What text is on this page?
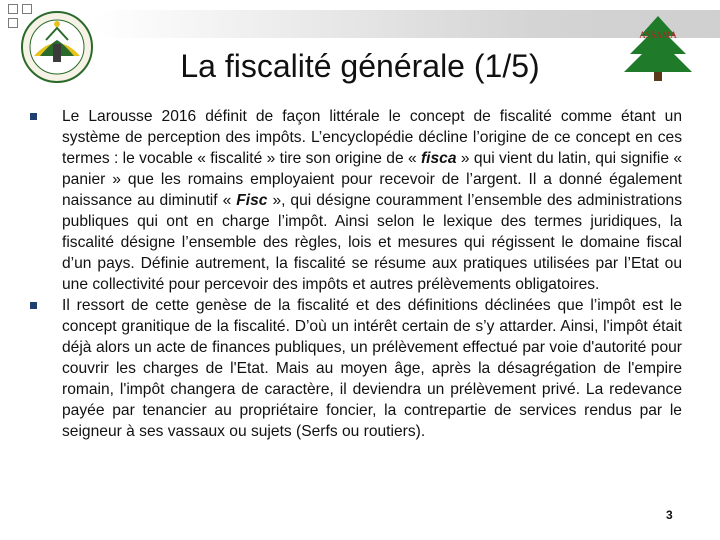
La fiscalité générale (1/5)
ASSAMA
Le Larousse 2016 définit de façon littérale le concept de fiscalité comme étant un système de perception des impôts. L’encyclopédie décline l’origine de ce concept en ces termes : le vocable « fiscalité » tire son origine de « fisca » qui vient du latin, qui signifie « panier » que les romains employaient pour recevoir de l’argent. Il a donné également naissance au diminutif « Fisc », qui désigne couramment l’ensemble des administrations publiques qui ont en charge l’impôt. Ainsi selon le lexique des termes juridiques, la fiscalité désigne l’ensemble des règles, lois et mesures qui régissent le domaine fiscal d’un pays. Définie autrement, la fiscalité se résume aux pratiques utilisées par l’Etat ou une collectivité pour percevoir des impôts et autres prélèvements obligatoires.
Il ressort de cette genèse de la fiscalité et des définitions déclinées que l’impôt est le concept granitique de la fiscalité. D’où un intérêt certain de s’y attarder. Ainsi, l'impôt était déjà alors un acte de finances publiques, un prélèvement effectué par voie d'autorité pour couvrir les charges de l'Etat. Mais au moyen âge, après la désagrégation de l'empire romain, l'impôt changera de caractère, il deviendra un prélèvement privé. La redevance payée par tenancier au propriétaire foncier, la contrepartie de services rendus par le seigneur à ses vassaux ou sujets (Serfs ou routiers).
3
